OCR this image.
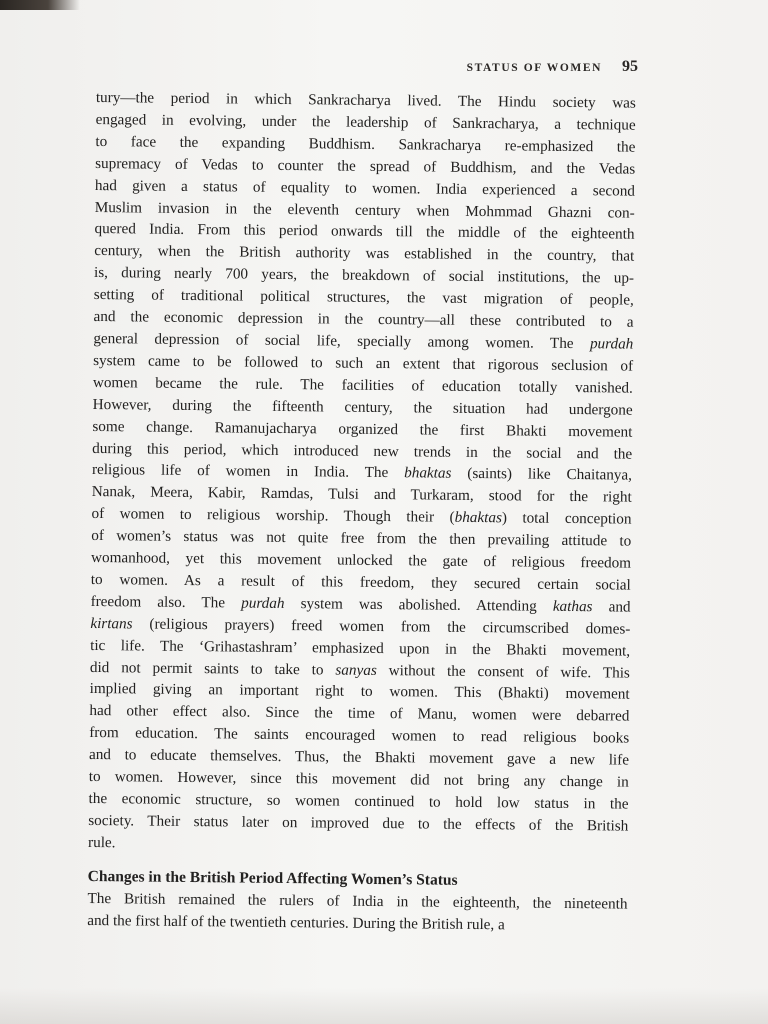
STATUS OF WOMEN 95
tury—the period in which Sankracharya lived. The Hindu society was
engaged in evolving, under the leadership of Sankracharya, a technique
to face the expanding Buddhism. Sankracharya re-emphasized the
supremacy of Vedas to counter the spread of Buddhism, and the Vedas
had given a status of equality to women. India experienced a second
Muslim invasion in the eleventh century when Mohmmad Ghazni con-
quered India. From this period onwards till the middle of the eighteenth
century, when the British authority was established in the country, that
is, during nearly 700 years, the breakdown of social institutions, the up-
setting of traditional political structures, the vast migration of people,
and the economic depression in the country—all these contributed to a
general depression of social life, specially among women. The purdah
system came to be followed to such an extent that rigorous seclusion of
women became the rule. The facilities of education totally vanished.
However, during the fifteenth century, the situation had undergone
some change. Ramanujacharya organized the first Bhakti movement
during this period, which introduced new trends in the social and the
religious life of women in India. The bhaktas (saints) like Chaitanya,
Nanak, Meera, Kabir, Ramdas, Tulsi and Turkaram, stood for the right
of women to religious worship. Though their (bhaktas) total conception
of women’s status was not quite free from the then prevailing attitude to
womanhood, yet this movement unlocked the gate of religious freedom
to women. As a result of this freedom, they secured certain social
freedom also. The purdah system was abolished. Attending kathas and
kirtans (religious prayers) freed women from the circumscribed domes-
tic life. The ‘Grihastashram’ emphasized upon in the Bhakti movement,
did not permit saints to take to sanyas without the consent of wife. This
implied giving an important right to women. This (Bhakti) movement
had other effect also. Since the time of Manu, women were debarred
from education. The saints encouraged women to read religious books
and to educate themselves. Thus, the Bhakti movement gave a new life
to women. However, since this movement did not bring any change in
the economic structure, so women continued to hold low status in the
society. Their status later on improved due to the effects of the British
rule.
Changes in the British Period Affecting Women’s Status
The British remained the rulers of India in the eighteenth, the nineteenth
and the first half of the twentieth centuries. During the British rule, a
